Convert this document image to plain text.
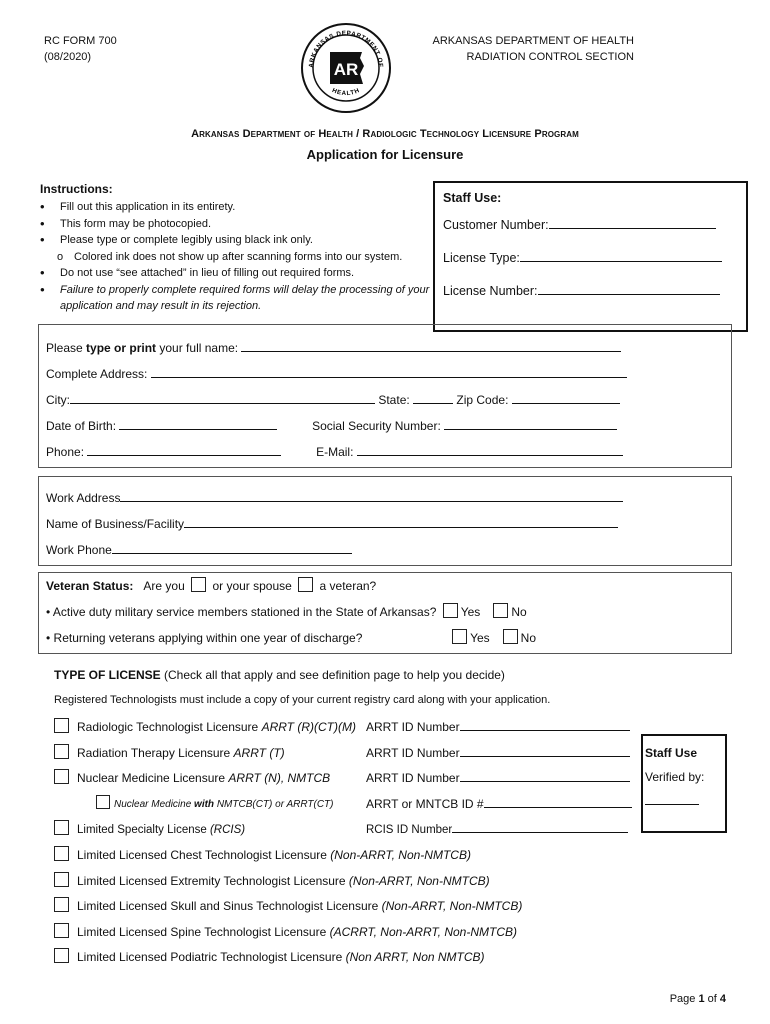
RC FORM 700
(08/2020)
ARKANSAS DEPARTMENT OF HEALTH
RADIATION CONTROL SECTION
ARKANSAS DEPARTMENT OF
HEALTH
AR
Arkansas Department of Health / Radiologic Technology Licensure Program
Application for Licensure
Instructions:
• Fill out this application in its entirety.
• This form may be photocopied.
• Please type or complete legibly using black ink only.
o Colored ink does not show up after scanning forms into our system.
• Do not use “see attached” in lieu of filling out required forms.
• Failure to properly complete required forms will delay the processing of your application and may result in its rejection.
Staff Use:
Customer Number:
License Type:
License Number:
Please type or print your full name:
Complete Address:
City:	State:	Zip Code:
Date of Birth:	Social Security Number:
Phone:	E-Mail:
Work Address
Name of Business/Facility
Work Phone
Veteran Status: Are you or your spouse a veteran?
• Active duty military service members stationed in the State of Arkansas? Yes	No
• Returning veterans applying within one year of discharge?	Yes	No
TYPE OF LICENSE (Check all that apply and see definition page to help you decide)
Registered Technologists must include a copy of your current registry card along with your application.
Radiologic Technologist Licensure ARRT (R)(CT)(M) ARRT ID Number
Radiation Therapy Licensure ARRT (T)	ARRT ID Number
Nuclear Medicine Licensure ARRT (N), NMTCB	ARRT ID Number
Nuclear Medicine with NMTCB(CT) or ARRT(CT)	ARRT or MNTCB ID #
Limited Specialty License (RCIS)	RCIS ID Number
Limited Licensed Chest Technologist Licensure (Non-ARRT, Non-NMTCB)
Limited Licensed Extremity Technologist Licensure (Non-ARRT, Non-NMTCB)
Limited Licensed Skull and Sinus Technologist Licensure (Non-ARRT, Non-NMTCB)
Limited Licensed Spine Technologist Licensure (ACRRT, Non-ARRT, Non-NMTCB)
Limited Licensed Podiatric Technologist Licensure (Non ARRT, Non NMTCB)
Staff Use
Verified by:
Page 1 of 4
